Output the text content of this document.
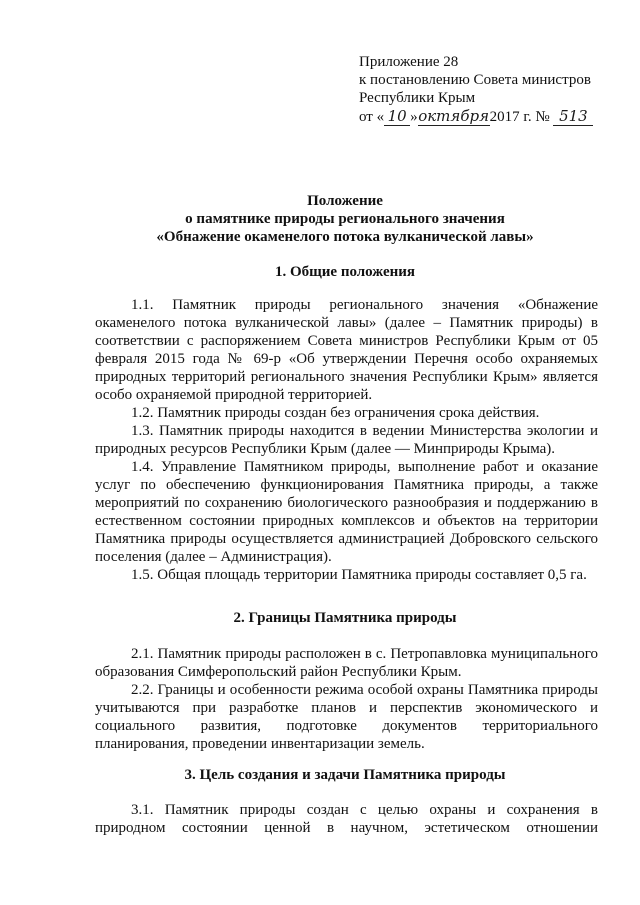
Приложение 28
к постановлению Совета министров
Республики Крым
от « 10 »октября2017 г. № 513
Положение
о памятнике природы регионального значения
«Обнажение окаменелого потока вулканической лавы»
1. Общие положения

1.1. Памятник природы регионального значения «Обнажение окаменелого потока вулканической лавы» (далее – Памятник природы) в соответствии с распоряжением Совета министров Республики Крым от 05 февраля 2015 года № 69-р «Об утверждении Перечня особо охраняемых природных территорий регионального значения Республики Крым» является особо охраняемой природной территорией.

1.2. Памятник природы создан без ограничения срока действия.

1.3. Памятник природы находится в ведении Министерства экологии и природных ресурсов Республики Крым (далее — Минприроды Крыма).

1.4. Управление Памятником природы, выполнение работ и оказание услуг по обеспечению функционирования Памятника природы, а также мероприятий по сохранению биологического разнообразия и поддержанию в естественном состоянии природных комплексов и объектов на территории Памятника природы осуществляется администрацией Добровского сельского поселения (далее – Администрация).

1.5. Общая площадь территории Памятника природы составляет 0,5 га.

2. Границы Памятника природы

2.1. Памятник природы расположен в с. Петропавловка муниципального образования Симферопольский район Республики Крым.

2.2. Границы и особенности режима особой охраны Памятника природы учитываются при разработке планов и перспектив экономического и социального развития, подготовке документов территориального планирования, проведении инвентаризации земель.

3. Цель создания и задачи Памятника природы

3.1. Памятник природы создан с целью охраны и сохранения в природном состоянии ценной в научном, эстетическом отношении
